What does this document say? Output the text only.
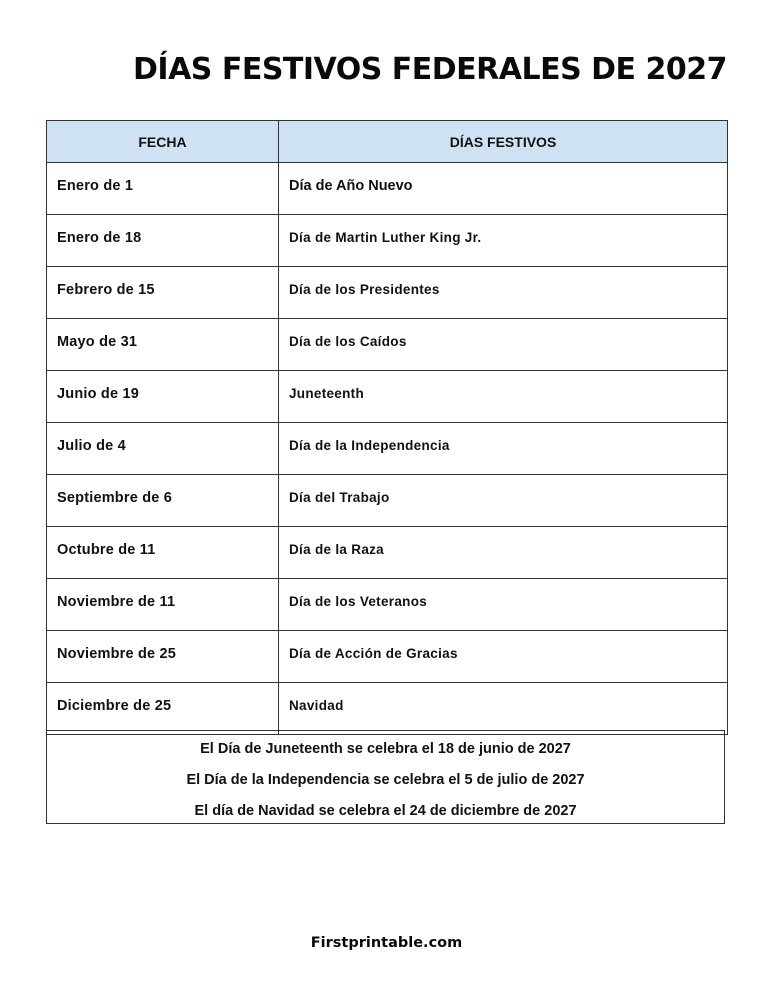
DÍAS FESTIVOS FEDERALES DE 2027
FECHA	DÍAS FESTIVOS
Enero de 1	Día de Año Nuevo
Enero de 18	Día de Martin Luther King Jr.
Febrero de 15	Día de los Presidentes
Mayo de 31	Día de los Caídos
Junio de 19	Juneteenth
Julio de 4	Día de la Independencia
Septiembre de 6	Día del Trabajo
Octubre de 11	Día de la Raza
Noviembre de 11	Día de los Veteranos
Noviembre de 25	Día de Acción de Gracias
Diciembre de 25	Navidad

El Día de Juneteenth se celebra el 18 de junio de 2027

El Día de la Independencia se celebra el 5 de julio de 2027

El día de Navidad se celebra el 24 de diciembre de 2027

Firstprintable.com
